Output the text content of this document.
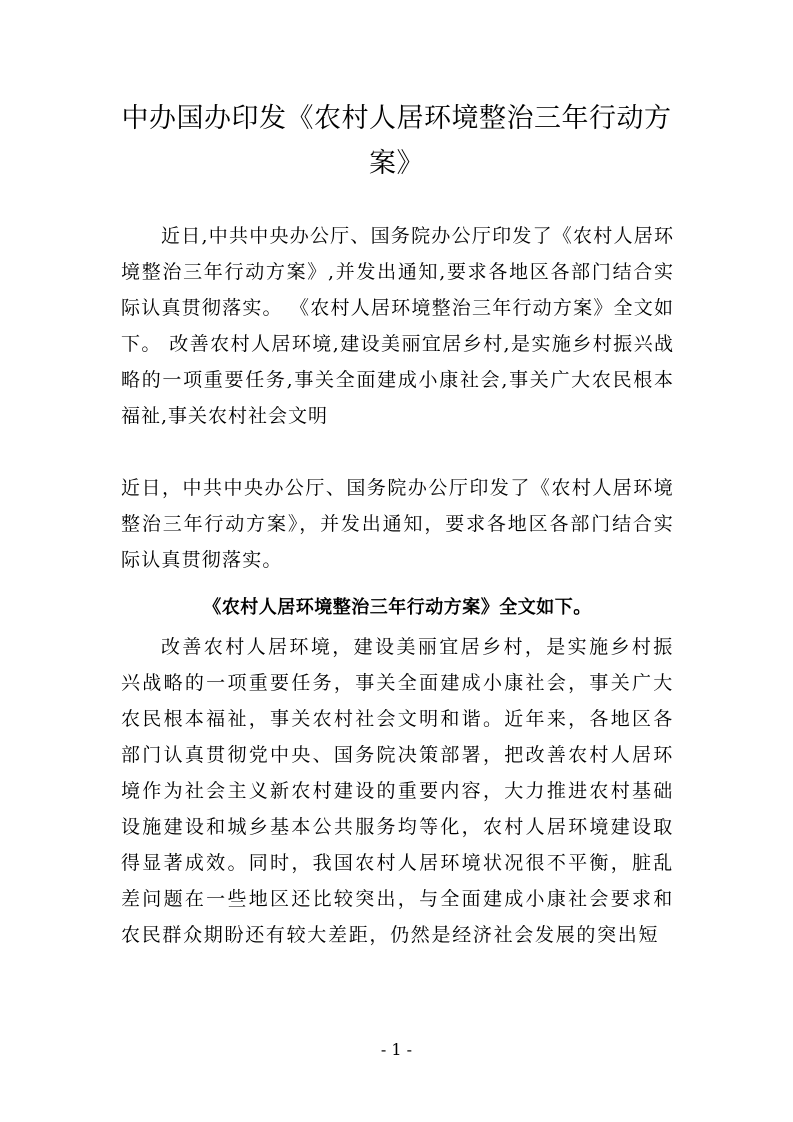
中办国办印发《农村人居环境整治三年行动方案》
近日,中共中央办公厅、国务院办公厅印发了《农村人居环境整治三年行动方案》,并发出通知,要求各地区各部门结合实际认真贯彻落实。 《农村人居环境整治三年行动方案》全文如下。 改善农村人居环境,建设美丽宜居乡村,是实施乡村振兴战略的一项重要任务,事关全面建成小康社会,事关广大农民根本福祉,事关农村社会文明
近日，中共中央办公厅、国务院办公厅印发了《农村人居环境整治三年行动方案》，并发出通知，要求各地区各部门结合实际认真贯彻落实。
《农村人居环境整治三年行动方案》全文如下。
改善农村人居环境，建设美丽宜居乡村，是实施乡村振兴战略的一项重要任务，事关全面建成小康社会，事关广大农民根本福祉，事关农村社会文明和谐。近年来，各地区各部门认真贯彻党中央、国务院决策部署，把改善农村人居环境作为社会主义新农村建设的重要内容，大力推进农村基础设施建设和城乡基本公共服务均等化，农村人居环境建设取得显著成效。同时，我国农村人居环境状况很不平衡，脏乱差问题在一些地区还比较突出，与全面建成小康社会要求和农民群众期盼还有较大差距，仍然是经济社会发展的突出短
- 1 -
